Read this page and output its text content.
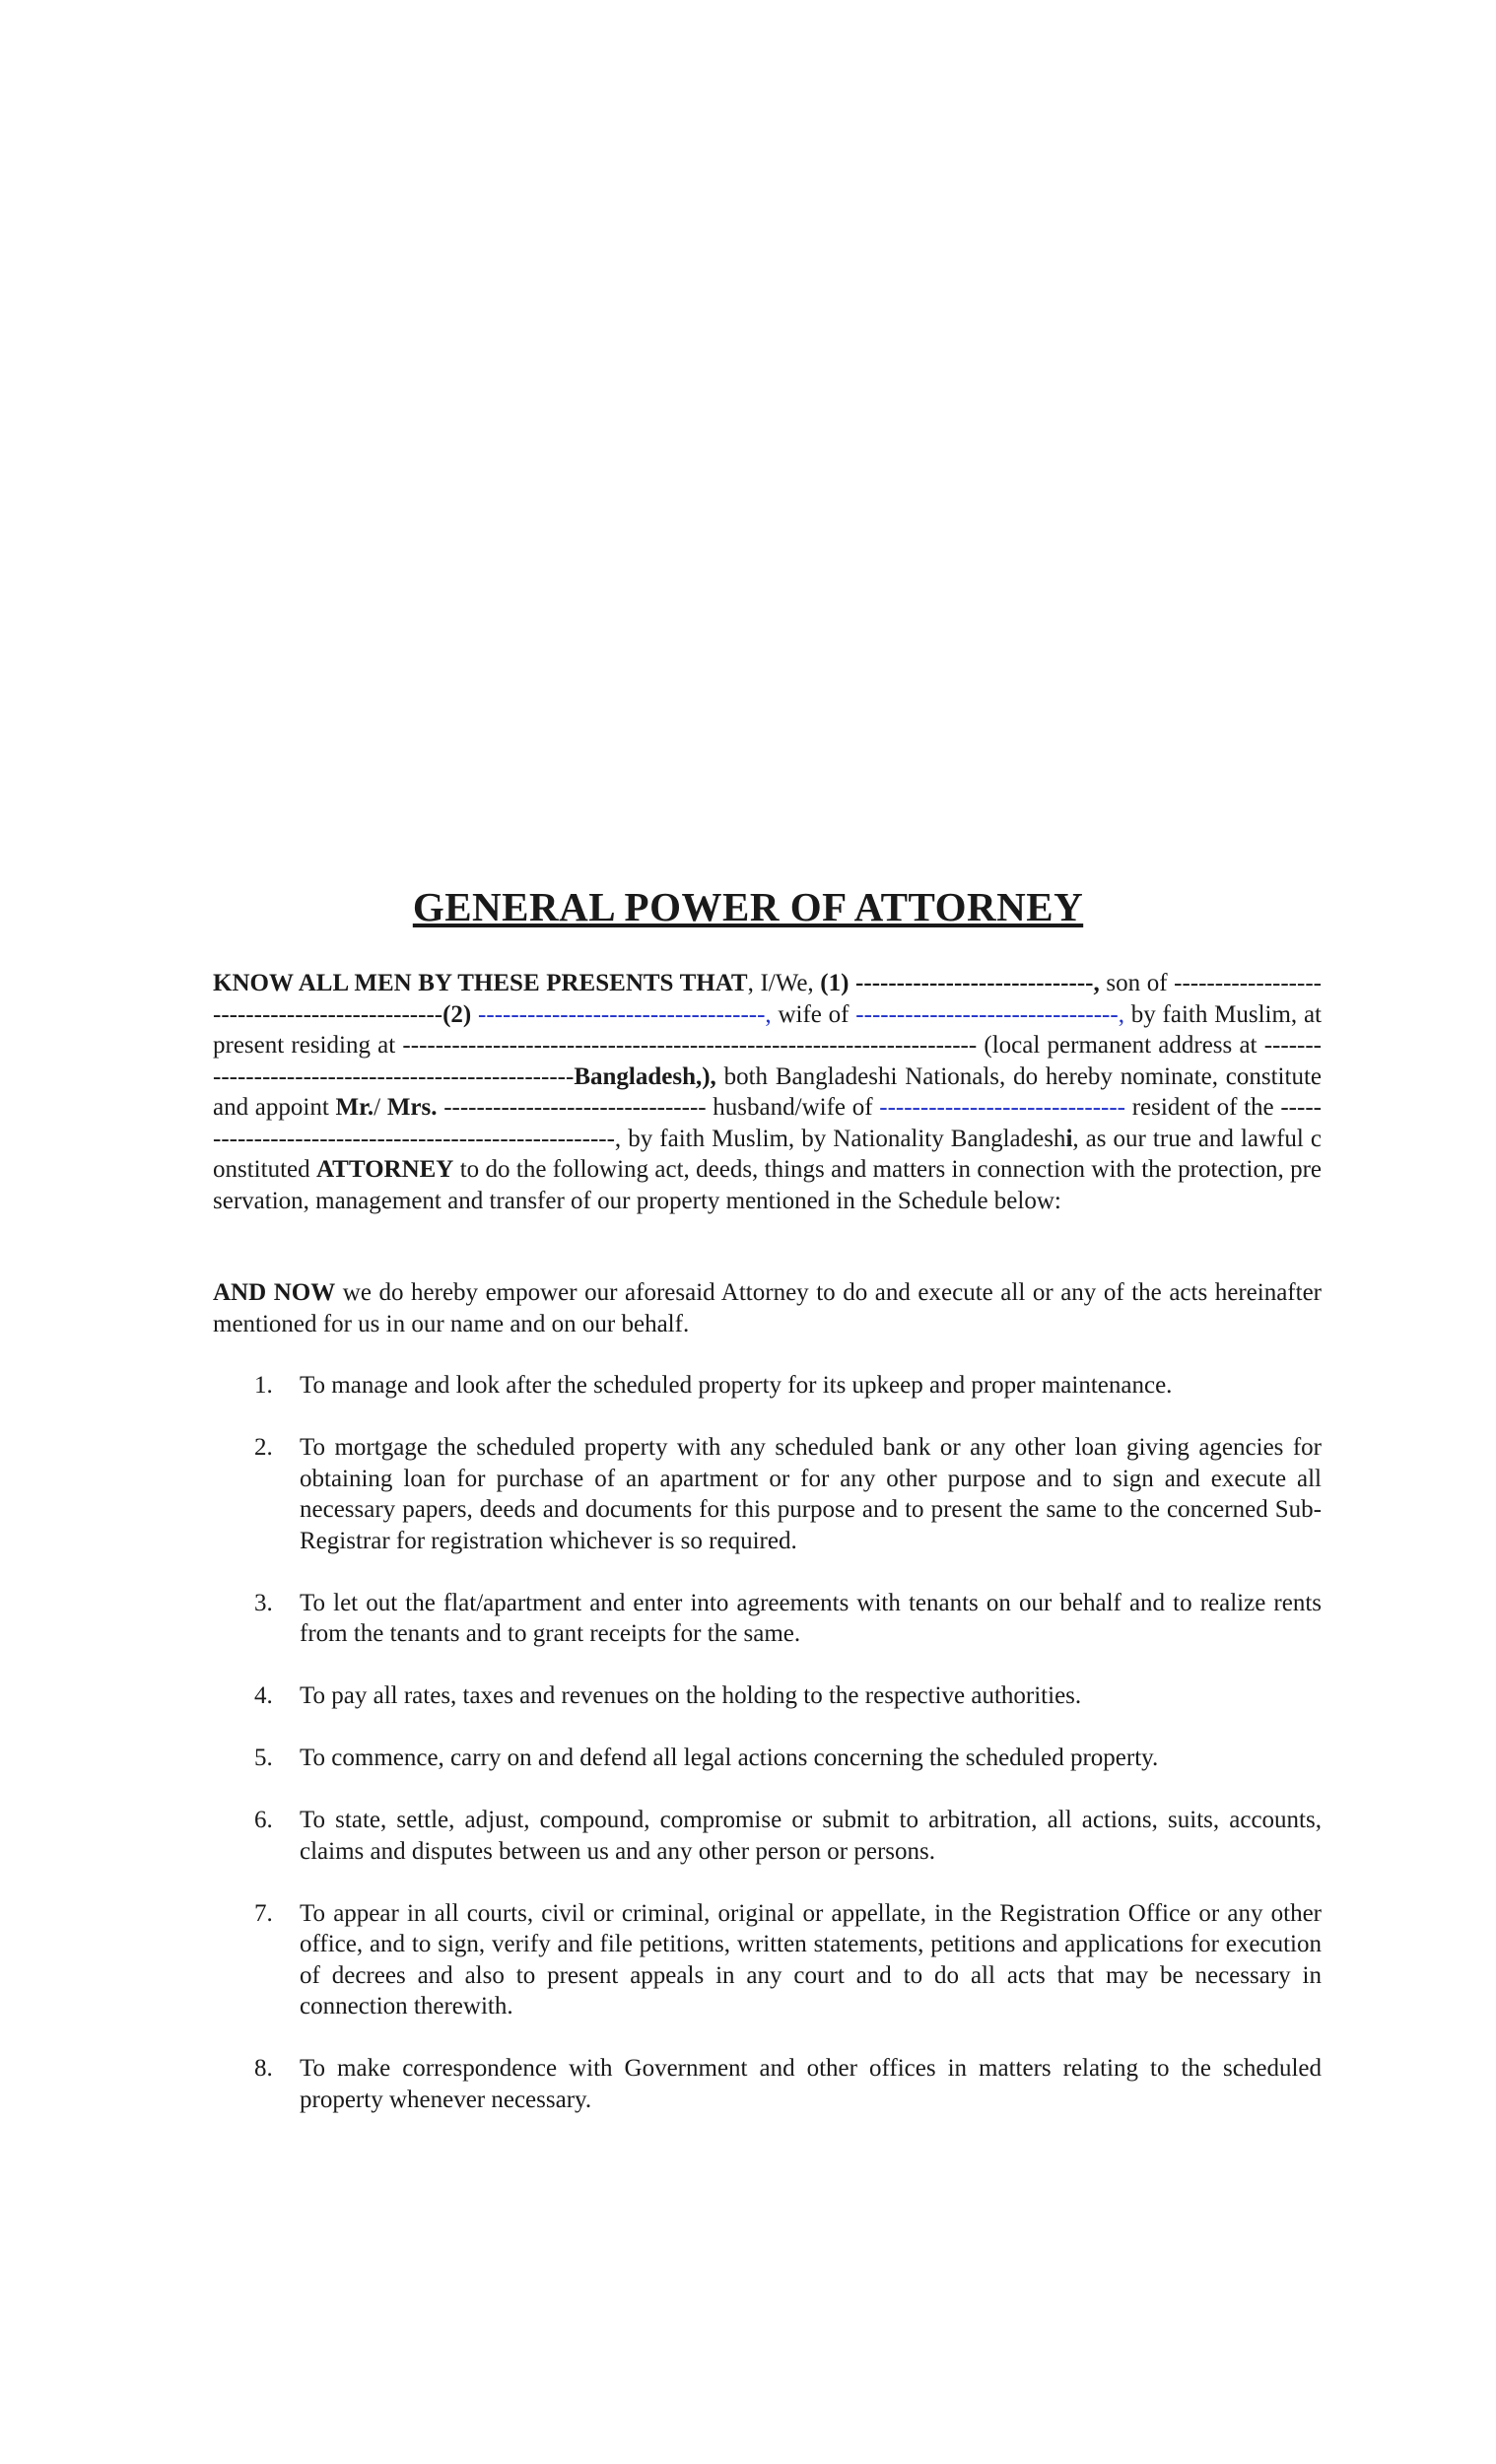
GENERAL POWER OF ATTORNEY
KNOW ALL MEN BY THESE PRESENTS THAT, I/We, (1) -----------------------------, son of ----------------------------------------------(2) -----------------------------------, wife of --------------------------------, by faith Muslim, at present residing at ---------------------------------------------------------------------- (local permanent address at ---------------------------------------------------Bangladesh,), both Bangladeshi Nationals, do hereby nominate, constitute and appoint Mr./ Mrs. -------------------------------- husband/wife of ------------------------------ resident of the ------------------------------------------------------, by faith Muslim, by Nationality Bangladeshi, as our true and lawful constituted ATTORNEY to do the following act, deeds, things and matters in connection with the protection, preservation, management and transfer of our property mentioned in the Schedule below:
AND NOW we do hereby empower our aforesaid Attorney to do and execute all or any of the acts hereinafter mentioned for us in our name and on our behalf.
1.	To manage and look after the scheduled property for its upkeep and proper maintenance.
2.	To mortgage the scheduled property with any scheduled bank or any other loan giving agencies for obtaining loan for purchase of an apartment or for any other purpose and to sign and execute all necessary papers, deeds and documents for this purpose and to present the same to the concerned Sub-Registrar for registration whichever is so required.
3.	To let out the flat/apartment and enter into agreements with tenants on our behalf and to realize rents from the tenants and to grant receipts for the same.
4.	To pay all rates, taxes and revenues on the holding to the respective authorities.
5.	To commence, carry on and defend all legal actions concerning the scheduled property.
6.	To state, settle, adjust, compound, compromise or submit to arbitration, all actions, suits, accounts, claims and disputes between us and any other person or persons.
7.	To appear in all courts, civil or criminal, original or appellate, in the Registration Office or any other office, and to sign, verify and file petitions, written statements, petitions and applications for execution of decrees and also to present appeals in any court and to do all acts that may be necessary in connection therewith.
8.	To make correspondence with Government and other offices in matters relating to the scheduled property whenever necessary.
